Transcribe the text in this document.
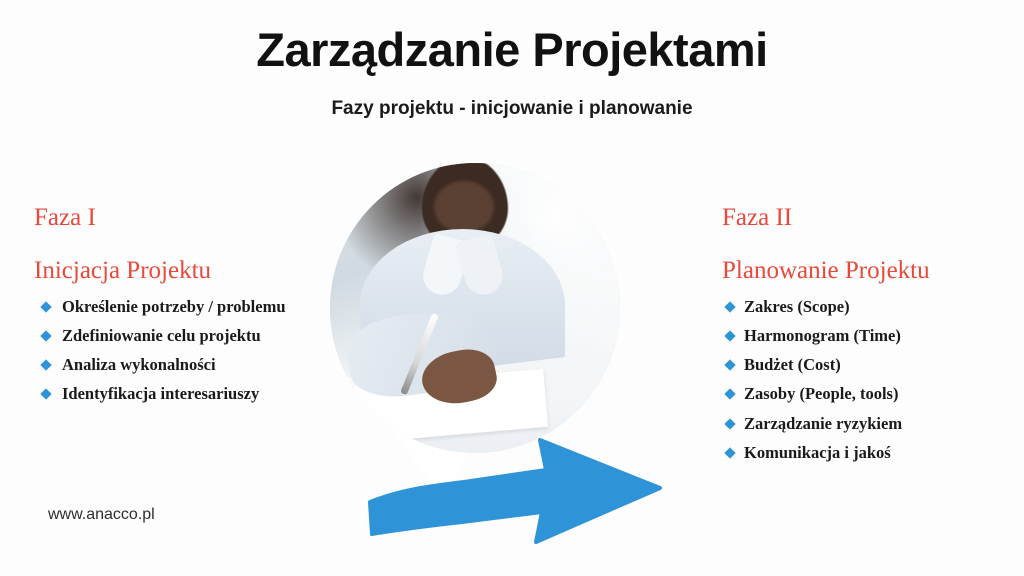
Zarządzanie Projektami
Fazy projektu - inicjowanie i planowanie
Faza I
Inicjacja Projektu
Określenie potrzeby / problemu
Zdefiniowanie celu projektu
Analiza wykonalności
Identyfikacja interesariuszy
Faza II
Planowanie Projektu
Zakres (Scope)
Harmonogram (Time)
Budżet (Cost)
Zasoby (People, tools)
Zarządzanie ryzykiem
Komunikacja i jakoś
www.anacco.pl
